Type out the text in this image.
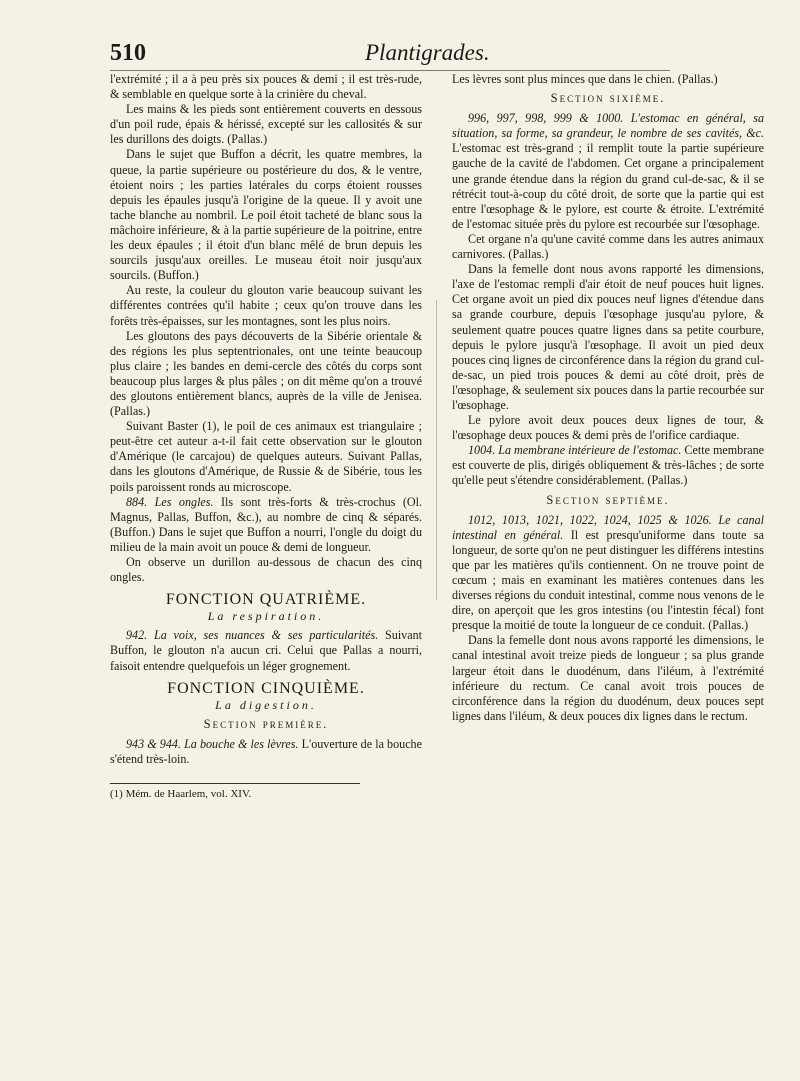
510	Plantigrades.

l'extrémité ; il a à peu près six pouces & demi ; il est très-rude, & semblable en quelque sorte à la crinière du cheval.

Les mains & les pieds sont entièrement couverts en dessous d'un poil rude, épais & hérissé, excepté sur les callosités & sur les durillons des doigts. (Pallas.)

Dans le sujet que Buffon a décrit, les quatre membres, la queue, la partie supérieure ou postérieure du dos, & le ventre, étoient noirs ; les parties latérales du corps étoient rousses depuis les épaules jusqu'à l'origine de la queue. Il y avoit une tache blanche au nombril. Le poil étoit tacheté de blanc sous la mâchoire inférieure, & à la partie supérieure de la poitrine, entre les deux épaules ; il étoit d'un blanc mêlé de brun depuis les sourcils jusqu'aux oreilles. Le museau étoit noir jusqu'aux sourcils. (Buffon.)

Au reste, la couleur du glouton varie beaucoup suivant les différentes contrées qu'il habite ; ceux qu'on trouve dans les forêts très-épaisses, sur les montagnes, sont les plus noirs.

Les gloutons des pays découverts de la Sibérie orientale & des régions les plus septentrionales, ont une teinte beaucoup plus claire ; les bandes en demi-cercle des côtés du corps sont beaucoup plus larges & plus pâles ; on dit même qu'on a trouvé des gloutons entièrement blancs, auprès de la ville de Jenisea. (Pallas.)

Suivant Baster (1), le poil de ces animaux est triangulaire ; peut-être cet auteur a-t-il fait cette observation sur le glouton d'Amérique (le carcajou) de quelques auteurs. Suivant Pallas, dans les gloutons d'Amérique, de Russie & de Sibérie, tous les poils paroissent ronds au microscope.

884. Les ongles. Ils sont très-forts & très-crochus (Ol. Magnus, Pallas, Buffon, &c.), au nombre de cinq & séparés. (Buffon.) Dans le sujet que Buffon a nourri, l'ongle du doigt du milieu de la main avoit un pouce & demi de longueur.

On observe un durillon au-dessous de chacun des cinq ongles.

FONCTION QUATRIÈME.
La respiration.

942. La voix, ses nuances & ses particularités. Suivant Buffon, le glouton n'a aucun cri. Celui que Pallas a nourri, faisoit entendre quelquefois un léger grognement.

FONCTION CINQUIÈME.
La digestion.
Section première.

943 & 944. La bouche & les lèvres. L'ouverture de la bouche s'étend très-loin.

(1) Mém. de Haarlem, vol. XIV.

Les lèvres sont plus minces que dans le chien. (Pallas.)

Section sixième.

996, 997, 998, 999 & 1000. L'estomac en général, sa situation, sa forme, sa grandeur, le nombre de ses cavités, &c. L'estomac est très-grand ; il remplit toute la partie supérieure gauche de la cavité de l'abdomen. Cet organe a principalement une grande étendue dans la région du grand cul-de-sac, & il se rétrécit tout-à-coup du côté droit, de sorte que la partie qui est entre l'œsophage & le pylore, est courte & étroite. L'extrémité de l'estomac située près du pylore est recourbée sur l'œsophage.

Cet organe n'a qu'une cavité comme dans les autres animaux carnivores. (Pallas.)

Dans la femelle dont nous avons rapporté les dimensions, l'axe de l'estomac rempli d'air étoit de neuf pouces huit lignes. Cet organe avoit un pied dix pouces neuf lignes d'étendue dans sa grande courbure, depuis l'œsophage jusqu'au pylore, & seulement quatre pouces quatre lignes dans sa petite courbure, depuis le pylore jusqu'à l'œsophage. Il avoit un pied deux pouces cinq lignes de circonférence dans la région du grand cul-de-sac, un pied trois pouces & demi au côté droit, près de l'œsophage, & seulement six pouces dans la partie recourbée sur l'œsophage.

Le pylore avoit deux pouces deux lignes de tour, & l'œsophage deux pouces & demi près de l'orifice cardiaque.

1004. La membrane intérieure de l'estomac. Cette membrane est couverte de plis, dirigés obliquement & très-lâches ; de sorte qu'elle peut s'étendre considérablement. (Pallas.)

Section septième.

1012, 1013, 1021, 1022, 1024, 1025 & 1026. Le canal intestinal en général. Il est presqu'uniforme dans toute sa longueur, de sorte qu'on ne peut distinguer les différens intestins que par les matières qu'ils contiennent. On ne trouve point de cœcum ; mais en examinant les matières contenues dans les diverses régions du conduit intestinal, comme nous venons de le dire, on aperçoit que les gros intestins (ou l'intestin fécal) font presque la moitié de toute la longueur de ce conduit. (Pallas.)

Dans la femelle dont nous avons rapporté les dimensions, le canal intestinal avoit treize pieds de longueur ; sa plus grande largeur étoit dans le duodénum, dans l'iléum, à l'extrémité inférieure du rectum. Ce canal avoit trois pouces de circonférence dans la région du duodénum, deux pouces sept lignes dans l'iléum, & deux pouces dix lignes dans le rectum.
